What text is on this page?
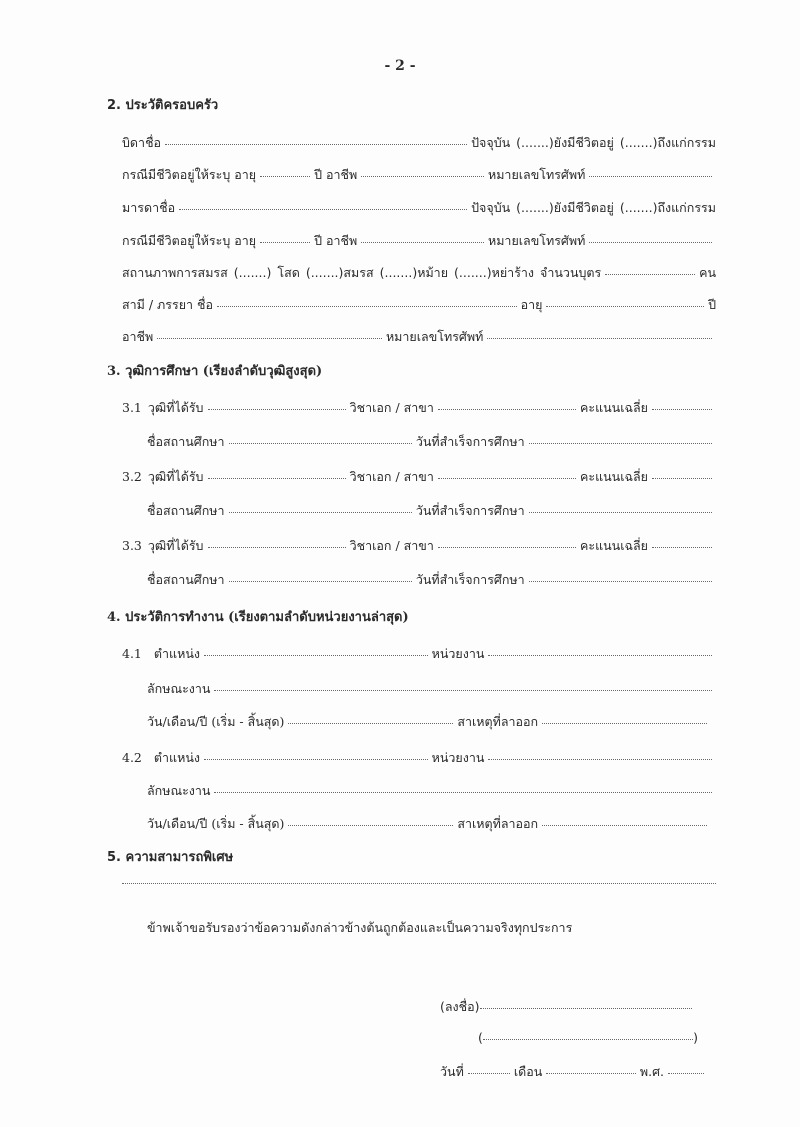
- 2 -
2. ประวัติครอบครัว
บิดาชื่อ	ปัจจุบัน (.......) ยังมีชีวิตอยู่ (.......) ถึงแก่กรรม
กรณีมีชีวิตอยู่ให้ระบุ อายุ	ปี อาชีพ	หมายเลขโทรศัพท์
มารดาชื่อ	ปัจจุบัน (.......) ยังมีชีวิตอยู่ (.......) ถึงแก่กรรม
กรณีมีชีวิตอยู่ให้ระบุ อายุ	ปี อาชีพ	หมายเลขโทรศัพท์
สถานภาพการสมรส (.......) โสด (.......) สมรส (.......) หม้าย (.......) หย่าร้าง จำนวนบุตร	คน
สามี / ภรรยา ชื่อ	อายุ	ปี
อาชีพ	หมายเลขโทรศัพท์
3. วุฒิการศึกษา (เรียงลำดับวุฒิสูงสุด)
3.1 วุฒิที่ได้รับ	วิชาเอก / สาขา	คะแนนเฉลี่ย
ชื่อสถานศึกษา	วันที่สำเร็จการศึกษา
3.2 วุฒิที่ได้รับ	วิชาเอก / สาขา	คะแนนเฉลี่ย
ชื่อสถานศึกษา	วันที่สำเร็จการศึกษา
3.3 วุฒิที่ได้รับ	วิชาเอก / สาขา	คะแนนเฉลี่ย
ชื่อสถานศึกษา	วันที่สำเร็จการศึกษา
4. ประวัติการทำงาน (เรียงตามลำดับหน่วยงานล่าสุด)
4.1 ตำแหน่ง	หน่วยงาน
ลักษณะงาน
วัน/เดือน/ปี (เริ่ม - สิ้นสุด)	สาเหตุที่ลาออก
4.2 ตำแหน่ง	หน่วยงาน
ลักษณะงาน
วัน/เดือน/ปี (เริ่ม - สิ้นสุด)	สาเหตุที่ลาออก
5. ความสามารถพิเศษ
ข้าพเจ้าขอรับรองว่าข้อความดังกล่าวข้างต้นถูกต้องและเป็นความจริงทุกประการ
(ลงชื่อ)
(	)
วันที่	เดือน	พ.ศ.
